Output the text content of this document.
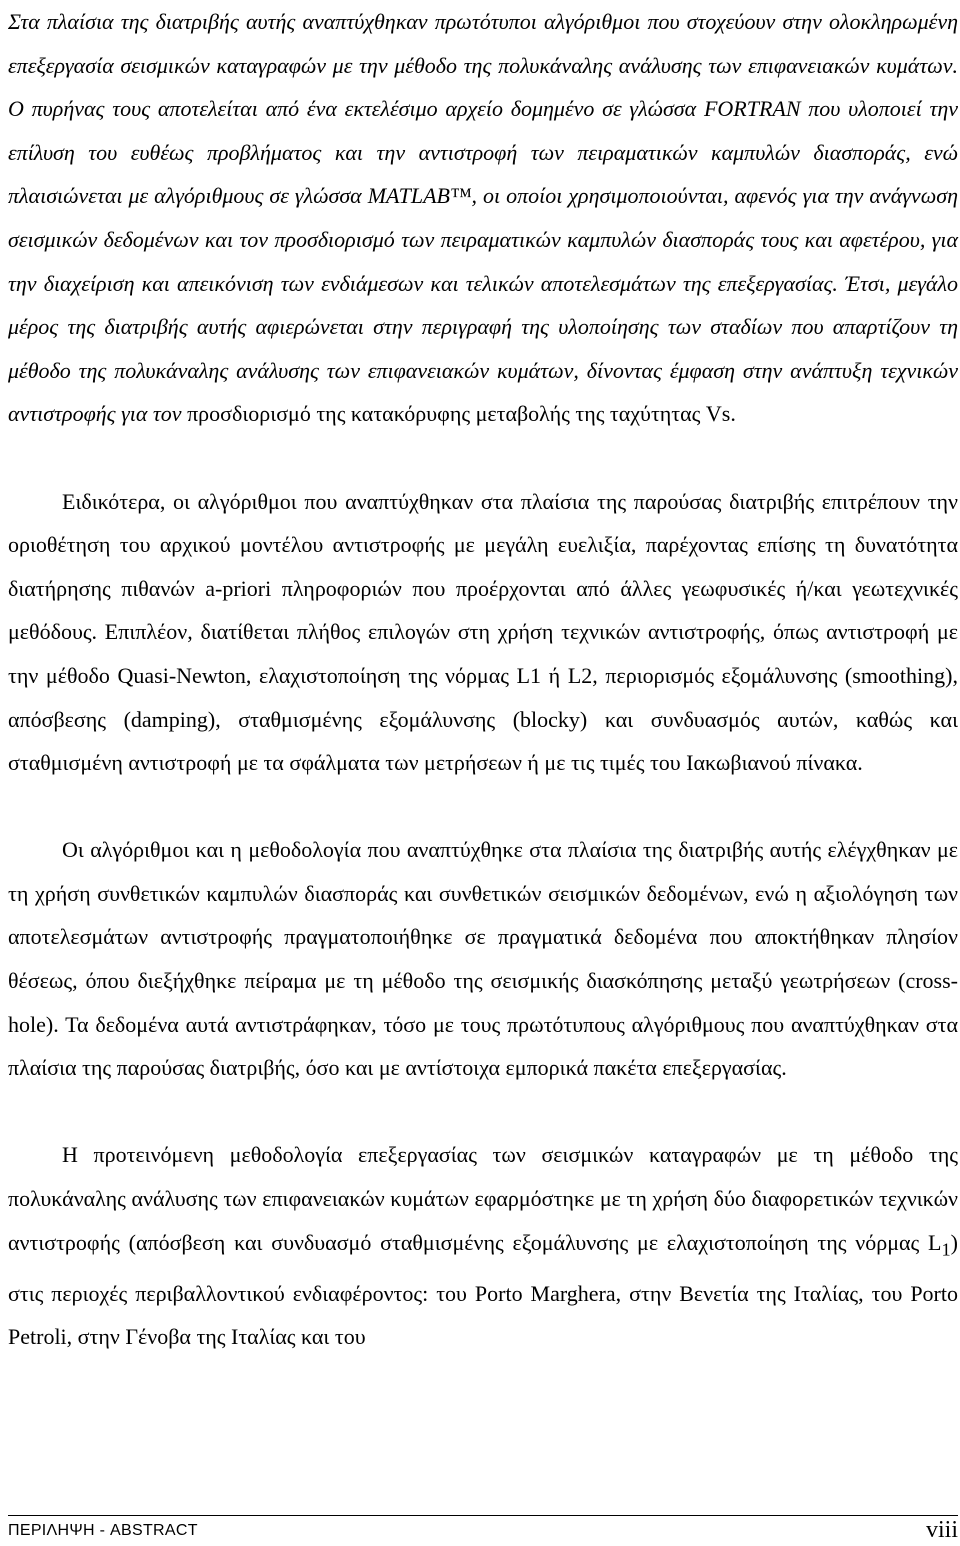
Στα πλαίσια της διατριβής αυτής αναπτύχθηκαν πρωτότυποι αλγόριθμοι που στοχεύουν στην ολοκληρωμένη επεξεργασία σεισμικών καταγραφών με την μέθοδο της πολυκάναλης ανάλυσης των επιφανειακών κυμάτων. Ο πυρήνας τους αποτελείται από ένα εκτελέσιμο αρχείο δομημένο σε γλώσσα FORTRAN που υλοποιεί την επίλυση του ευθέως προβλήματος και την αντιστροφή των πειραματικών καμπυλών διασποράς, ενώ πλαισιώνεται με αλγόριθμους σε γλώσσα MATLAB™, οι οποίοι χρησιμοποιούνται, αφενός για την ανάγνωση σεισμικών δεδομένων και τον προσδιορισμό των πειραματικών καμπυλών διασποράς τους και αφετέρου, για την διαχείριση και απεικόνιση των ενδιάμεσων και τελικών αποτελεσμάτων της επεξεργασίας. Έτσι, μεγάλο μέρος της διατριβής αυτής αφιερώνεται στην περιγραφή της υλοποίησης των σταδίων που απαρτίζουν τη μέθοδο της πολυκάναλης ανάλυσης των επιφανειακών κυμάτων, δίνοντας έμφαση στην ανάπτυξη τεχνικών αντιστροφής για τον προσδιορισμό της κατακόρυφης μεταβολής της ταχύτητας Vs.

Ειδικότερα, οι αλγόριθμοι που αναπτύχθηκαν στα πλαίσια της παρούσας διατριβής επιτρέπουν την οριοθέτηση του αρχικού μοντέλου αντιστροφής με μεγάλη ευελιξία, παρέχοντας επίσης τη δυνατότητα διατήρησης πιθανών a-priori πληροφοριών που προέρχονται από άλλες γεωφυσικές ή/και γεωτεχνικές μεθόδους. Επιπλέον, διατίθεται πλήθος επιλογών στη χρήση τεχνικών αντιστροφής, όπως αντιστροφή με την μέθοδο Quasi-Newton, ελαχιστοποίηση της νόρμας L1 ή L2, περιορισμός εξομάλυνσης (smoothing), απόσβεσης (damping), σταθμισμένης εξομάλυνσης (blocky) και συνδυασμός αυτών, καθώς και σταθμισμένη αντιστροφή με τα σφάλματα των μετρήσεων ή με τις τιμές του Ιακωβιανού πίνακα.

Οι αλγόριθμοι και η μεθοδολογία που αναπτύχθηκε στα πλαίσια της διατριβής αυτής ελέγχθηκαν με τη χρήση συνθετικών καμπυλών διασποράς και συνθετικών σεισμικών δεδομένων, ενώ η αξιολόγηση των αποτελεσμάτων αντιστροφής πραγματοποιήθηκε σε πραγματικά δεδομένα που αποκτήθηκαν πλησίον θέσεως, όπου διεξήχθηκε πείραμα με τη μέθοδο της σεισμικής διασκόπησης μεταξύ γεωτρήσεων (cross-hole). Τα δεδομένα αυτά αντιστράφηκαν, τόσο με τους πρωτότυπους αλγόριθμους που αναπτύχθηκαν στα πλαίσια της παρούσας διατριβής, όσο και με αντίστοιχα εμπορικά πακέτα επεξεργασίας.

Η προτεινόμενη μεθοδολογία επεξεργασίας των σεισμικών καταγραφών με τη μέθοδο της πολυκάναλης ανάλυσης των επιφανειακών κυμάτων εφαρμόστηκε με τη χρήση δύο διαφορετικών τεχνικών αντιστροφής (απόσβεση και συνδυασμό σταθμισμένης εξομάλυνσης με ελαχιστοποίηση της νόρμας $L_1$) στις περιοχές περιβαλλοντικού ενδιαφέροντος: του Porto Marghera, στην Βενετία της Ιταλίας, του Porto Petroli, στην Γένοβα της Ιταλίας και του

ΠΕΡΙΛΗΨΗ - ABSTRACT	viii
